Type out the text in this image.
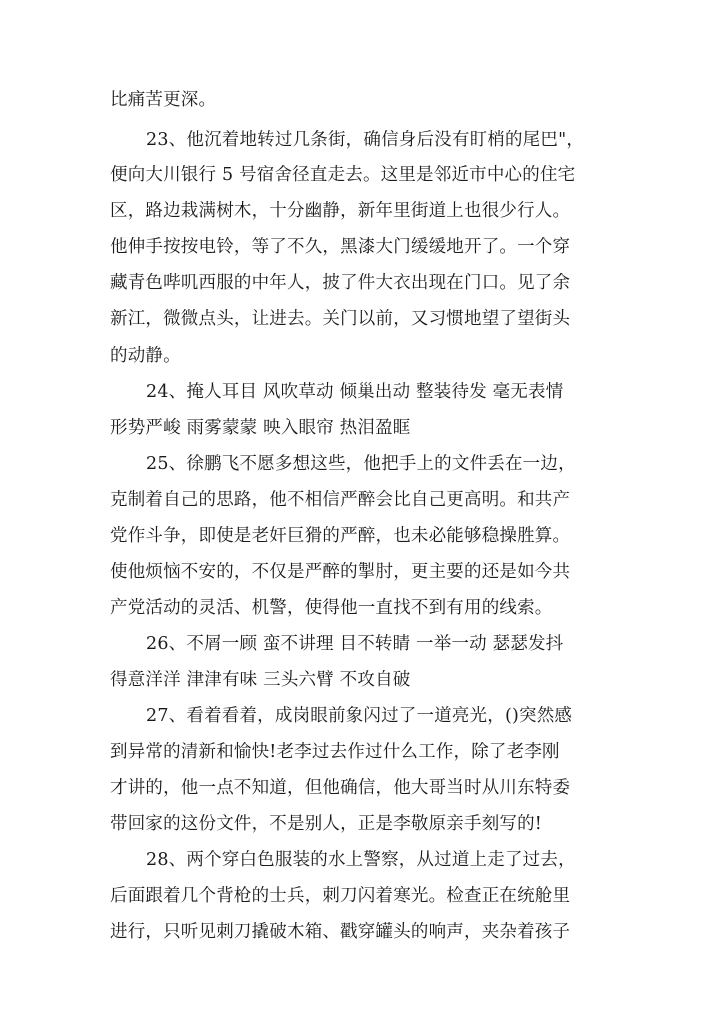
比痛苦更深。
23、他沉着地转过几条街，确信身后没有盯梢的尾巴"，
便向大川银行 5 号宿舍径直走去。这里是邻近市中心的住宅
区，路边栽满树木，十分幽静，新年里街道上也很少行人。
他伸手按按电铃，等了不久，黑漆大门缓缓地开了。一个穿
藏青色哔叽西服的中年人，披了件大衣出现在门口。见了余
新江，微微点头，让进去。关门以前，又习惯地望了望街头
的动静。
24、掩人耳目 风吹草动 倾巢出动 整装待发 毫无表情
形势严峻 雨雾蒙蒙 映入眼帘 热泪盈眶
25、徐鹏飞不愿多想这些，他把手上的文件丢在一边，
克制着自己的思路，他不相信严醉会比自己更高明。和共产
党作斗争，即使是老奸巨猾的严醉，也未必能够稳操胜算。
使他烦恼不安的，不仅是严醉的掣肘，更主要的还是如今共
产党活动的灵活、机警，使得他一直找不到有用的线索。
26、不屑一顾 蛮不讲理 目不转睛 一举一动 瑟瑟发抖
得意洋洋 津津有味 三头六臂 不攻自破
27、看着看着，成岗眼前象闪过了一道亮光，()突然感
到异常的清新和愉快!老李过去作过什么工作，除了老李刚
才讲的，他一点不知道，但他确信，他大哥当时从川东特委
带回家的这份文件，不是别人，正是李敬原亲手刻写的!
28、两个穿白色服装的水上警察，从过道上走了过去，
后面跟着几个背枪的士兵，刺刀闪着寒光。检查正在统舱里
进行，只听见刺刀撬破木箱、戳穿罐头的响声，夹杂着孩子
